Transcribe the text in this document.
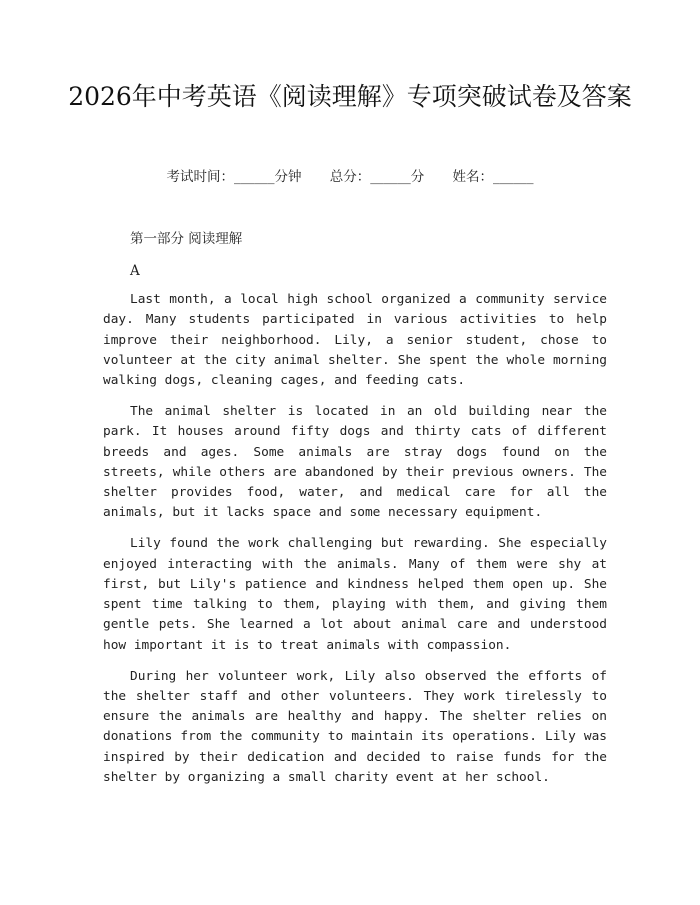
2026年中考英语《阅读理解》专项突破试卷及答案
考试时间：______分钟 总分：______分 姓名：______
第一部分 阅读理解
A

Last month, a local high school organized a community service day. Many students participated in various activities to help improve their neighborhood. Lily, a senior student, chose to volunteer at the city animal shelter. She spent the whole morning walking dogs, cleaning cages, and feeding cats.

The animal shelter is located in an old building near the park. It houses around fifty dogs and thirty cats of different breeds and ages. Some animals are stray dogs found on the streets, while others are abandoned by their previous owners. The shelter provides food, water, and medical care for all the animals, but it lacks space and some necessary equipment.

Lily found the work challenging but rewarding. She especially enjoyed interacting with the animals. Many of them were shy at first, but Lily's patience and kindness helped them open up. She spent time talking to them, playing with them, and giving them gentle pets. She learned a lot about animal care and understood how important it is to treat animals with compassion.

During her volunteer work, Lily also observed the efforts of the shelter staff and other volunteers. They work tirelessly to ensure the animals are healthy and happy. The shelter relies on donations from the community to maintain its operations. Lily was inspired by their dedication and decided to raise funds for the shelter by organizing a small charity event at her school.
